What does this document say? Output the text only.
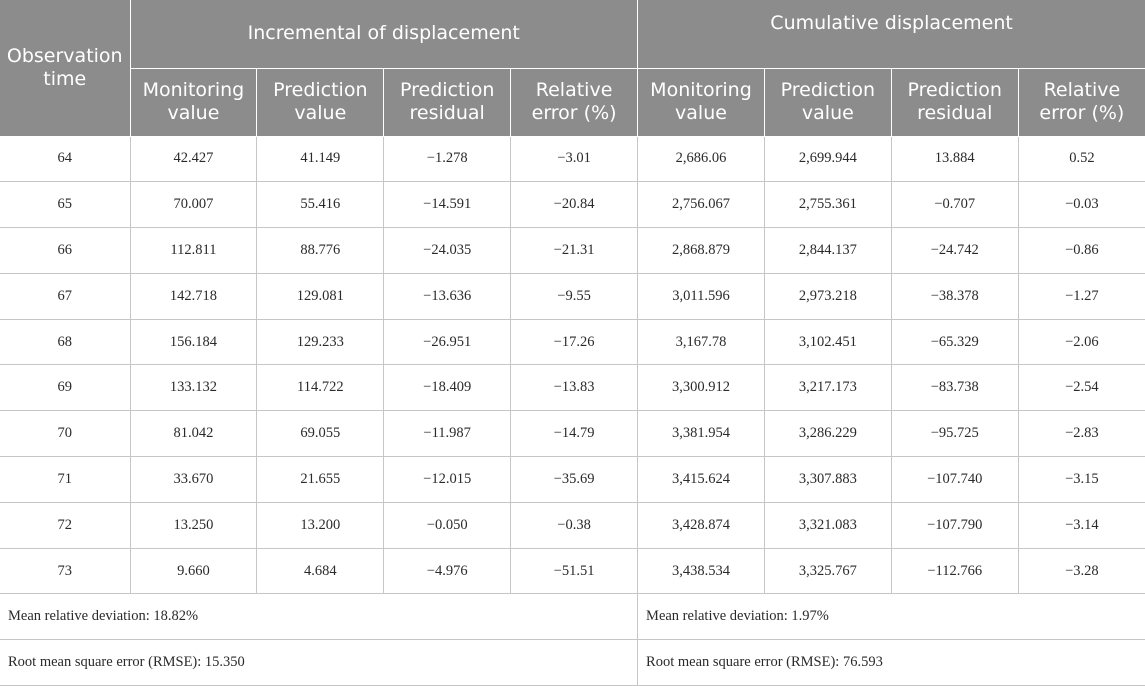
Observation time	Incremental of displacement				Cumulative displacement			
	Monitoring value	Prediction value	Prediction residual	Relative error (%)	Monitoring value	Prediction value	Prediction residual	Relative error (%)
64	42.427	41.149	−1.278	−3.01	2,686.06	2,699.944	13.884	0.52
65	70.007	55.416	−14.591	−20.84	2,756.067	2,755.361	−0.707	−0.03
66	112.811	88.776	−24.035	−21.31	2,868.879	2,844.137	−24.742	−0.86
67	142.718	129.081	−13.636	−9.55	3,011.596	2,973.218	−38.378	−1.27
68	156.184	129.233	−26.951	−17.26	3,167.78	3,102.451	−65.329	−2.06
69	133.132	114.722	−18.409	−13.83	3,300.912	3,217.173	−83.738	−2.54
70	81.042	69.055	−11.987	−14.79	3,381.954	3,286.229	−95.725	−2.83
71	33.670	21.655	−12.015	−35.69	3,415.624	3,307.883	−107.740	−3.15
72	13.250	13.200	−0.050	−0.38	3,428.874	3,321.083	−107.790	−3.14
73	9.660	4.684	−4.976	−51.51	3,438.534	3,325.767	−112.766	−3.28
Mean relative deviation: 18.82%					Mean relative deviation: 1.97%			
Root mean square error (RMSE): 15.350					Root mean square error (RMSE): 76.593			
